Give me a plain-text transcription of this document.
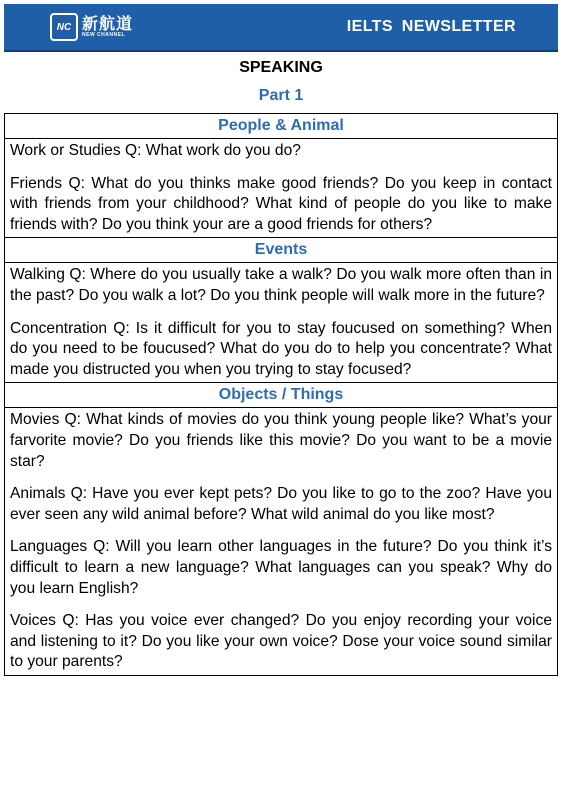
NC 新航道
NEW CHANNEL	IELTS NEWSLETTER
SPEAKING
Part 1
People & Animal

Work or Studies Q: What work do you do?

Friends Q: What do you thinks make good friends? Do you keep in contact with friends from your childhood? What kind of people do you like to make friends with? Do you think your are a good friends for others?

Events

Walking Q: Where do you usually take a walk? Do you walk more often than in the past? Do you walk a lot? Do you think people will walk more in the future?

Concentration Q: Is it difficult for you to stay foucused on something? When do you need to be foucused? What do you do to help you concentrate? What made you distructed you when you trying to stay focused?

Objects / Things

Movies Q: What kinds of movies do you think young people like? What’s your farvorite movie? Do you friends like this movie? Do you want to be a movie star?

Animals Q: Have you ever kept pets? Do you like to go to the zoo? Have you ever seen any wild animal before? What wild animal do you like most?

Languages Q: Will you learn other languages in the future? Do you think it’s difficult to learn a new language? What languages can you speak? Why do you learn English?

Voices Q: Has you voice ever changed? Do you enjoy recording your voice and listening to it? Do you like your own voice? Dose your voice sound similar to your parents?
